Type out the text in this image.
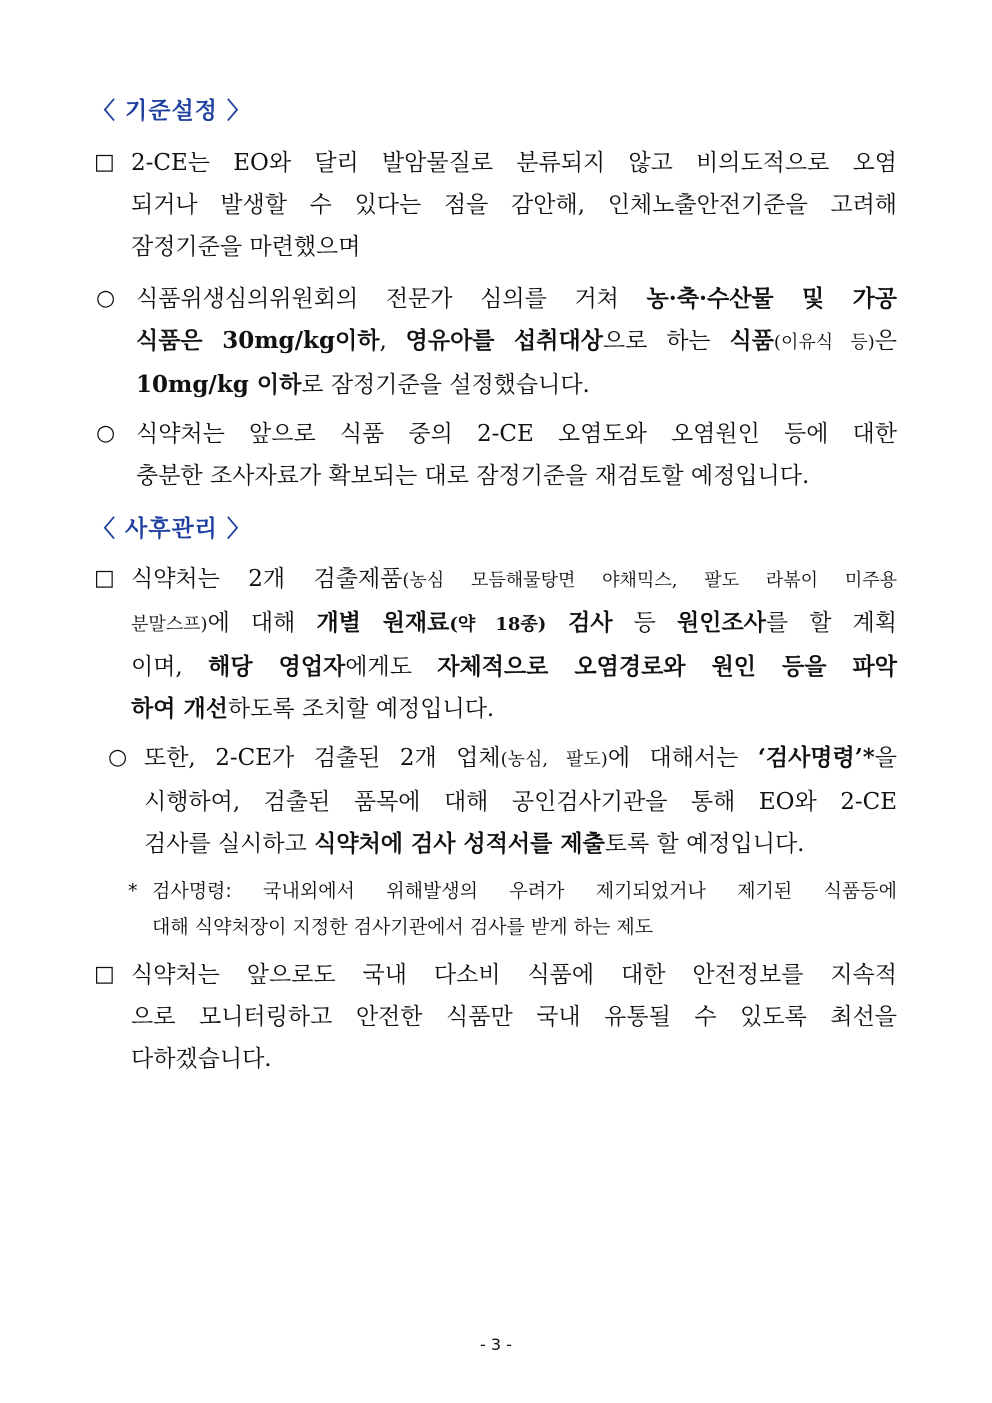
〈 기준설정 〉
□ 2-CE는 EO와 달리 발암물질로 분류되지 않고 비의도적으로 오염
되거나 발생할 수 있다는 점을 감안해, 인체노출안전기준을 고려해
잠정기준을 마련했으며
○ 식품위생심의위원회의 전문가 심의를 거쳐 농·축·수산물 및 가공
식품은 30mg/kg이하, 영유아를 섭취대상으로 하는 식품(이유식 등)은
10mg/kg 이하로 잠정기준을 설정했습니다.
○ 식약처는 앞으로 식품 중의 2-CE 오염도와 오염원인 등에 대한
충분한 조사자료가 확보되는 대로 잠정기준을 재검토할 예정입니다.
〈 사후관리 〉
□ 식약처는 2개 검출제품(농심 모듬해물탕면 야채믹스, 팔도 라볶이 미주용
분말스프)에 대해 개별 원재료(약 18종) 검사 등 원인조사를 할 계획
이며, 해당 영업자에게도 자체적으로 오염경로와 원인 등을 파악
하여 개선하도록 조치할 예정입니다.
○ 또한, 2-CE가 검출된 2개 업체(농심, 팔도)에 대해서는 ‘검사명령’*을
시행하여, 검출된 품목에 대해 공인검사기관을 통해 EO와 2-CE
검사를 실시하고 식약처에 검사 성적서를 제출토록 할 예정입니다.
* 검사명령: 국내외에서 위해발생의 우려가 제기되었거나 제기된 식품등에
대해 식약처장이 지정한 검사기관에서 검사를 받게 하는 제도
□ 식약처는 앞으로도 국내 다소비 식품에 대한 안전정보를 지속적
으로 모니터링하고 안전한 식품만 국내 유통될 수 있도록 최선을
다하겠습니다.
- 3 -
